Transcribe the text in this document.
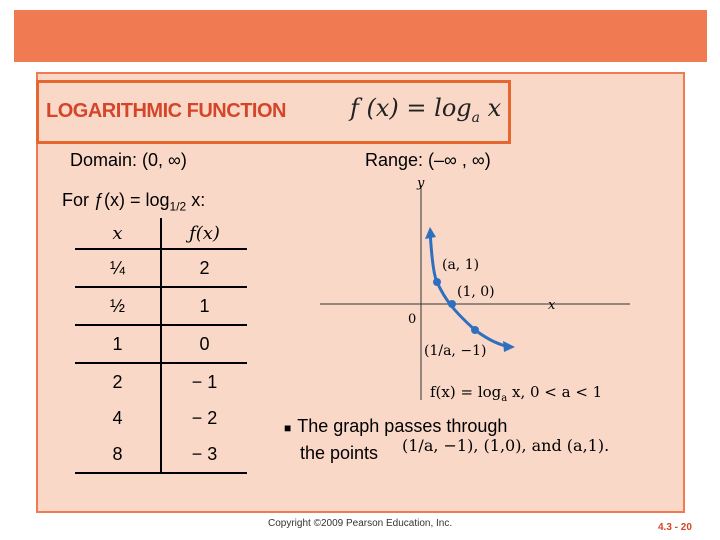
LOGARITHMIC FUNCTION	f $(x) = \log_a x$
Domain: (0, ∞)	Range: (–∞ , ∞)
For ƒ(x) = $\log_{1/2} x$:
x	ƒ(x)
¼	2
½	1
1	0
2	− 1
4	− 2
8	− 3
y
x
0
(a, 1)
(1, 0)
(1/a, −1)
$f(x) = \log_a x$, 0 < a < 1
■ The graph passes through
the points	(1/a, −1), (1,0), and (a,1).
Copyright ©2009 Pearson Education, Inc.	4.3 - 20
